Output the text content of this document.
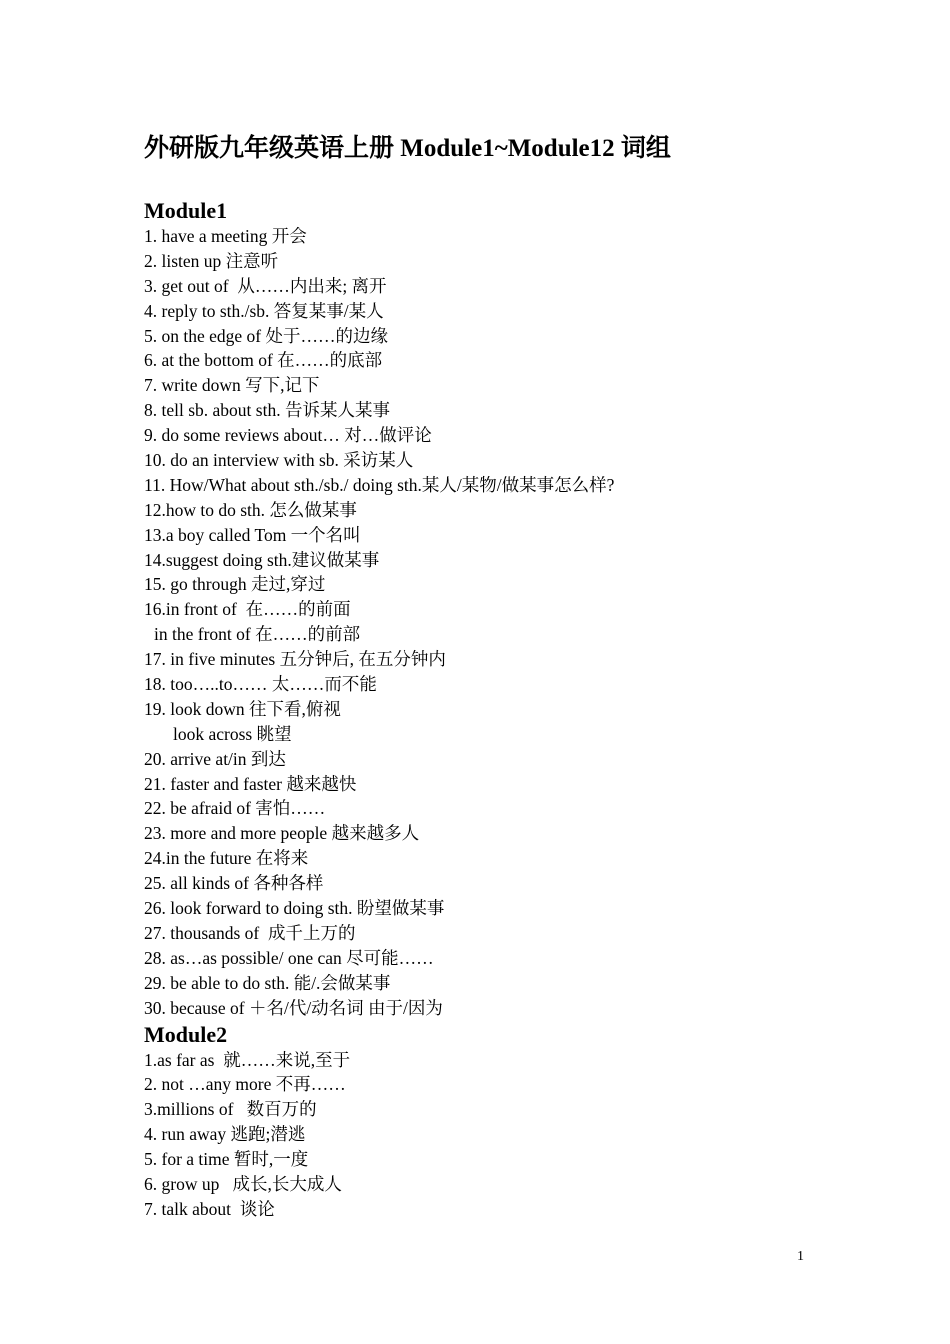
外研版九年级英语上册 Module1~Module12 词组
Module1
1. have a meeting 开会
2. listen up 注意听
3. get out of  从……内出来; 离开
4. reply to sth./sb. 答复某事/某人
5. on the edge of 处于……的边缘
6. at the bottom of 在……的底部
7. write down 写下,记下
8. tell sb. about sth. 告诉某人某事
9. do some reviews about… 对…做评论
10. do an interview with sb. 采访某人
11. How/What about sth./sb./ doing sth.某人/某物/做某事怎么样?
12.how to do sth. 怎么做某事
13.a boy called Tom 一个名叫
14.suggest doing sth.建议做某事
15. go through 走过,穿过
16.in front of  在……的前面
in the front of 在……的前部
17. in five minutes 五分钟后, 在五分钟内
18. too…..to…… 太……而不能
19. look down 往下看,俯视
look across 眺望
20. arrive at/in 到达
21. faster and faster 越来越快
22. be afraid of 害怕……
23. more and more people 越来越多人
24.in the future 在将来
25. all kinds of 各种各样
26. look forward to doing sth. 盼望做某事
27. thousands of  成千上万的
28. as…as possible/ one can 尽可能……
29. be able to do sth. 能/.会做某事
30. because of ＋名/代/动名词 由于/因为
Module2
1.as far as  就……来说,至于
2. not …any more 不再……
3.millions of   数百万的
4. run away 逃跑;潜逃
5. for a time 暂时,一度
6. grow up   成长,长大成人
7. talk about  谈论
1
